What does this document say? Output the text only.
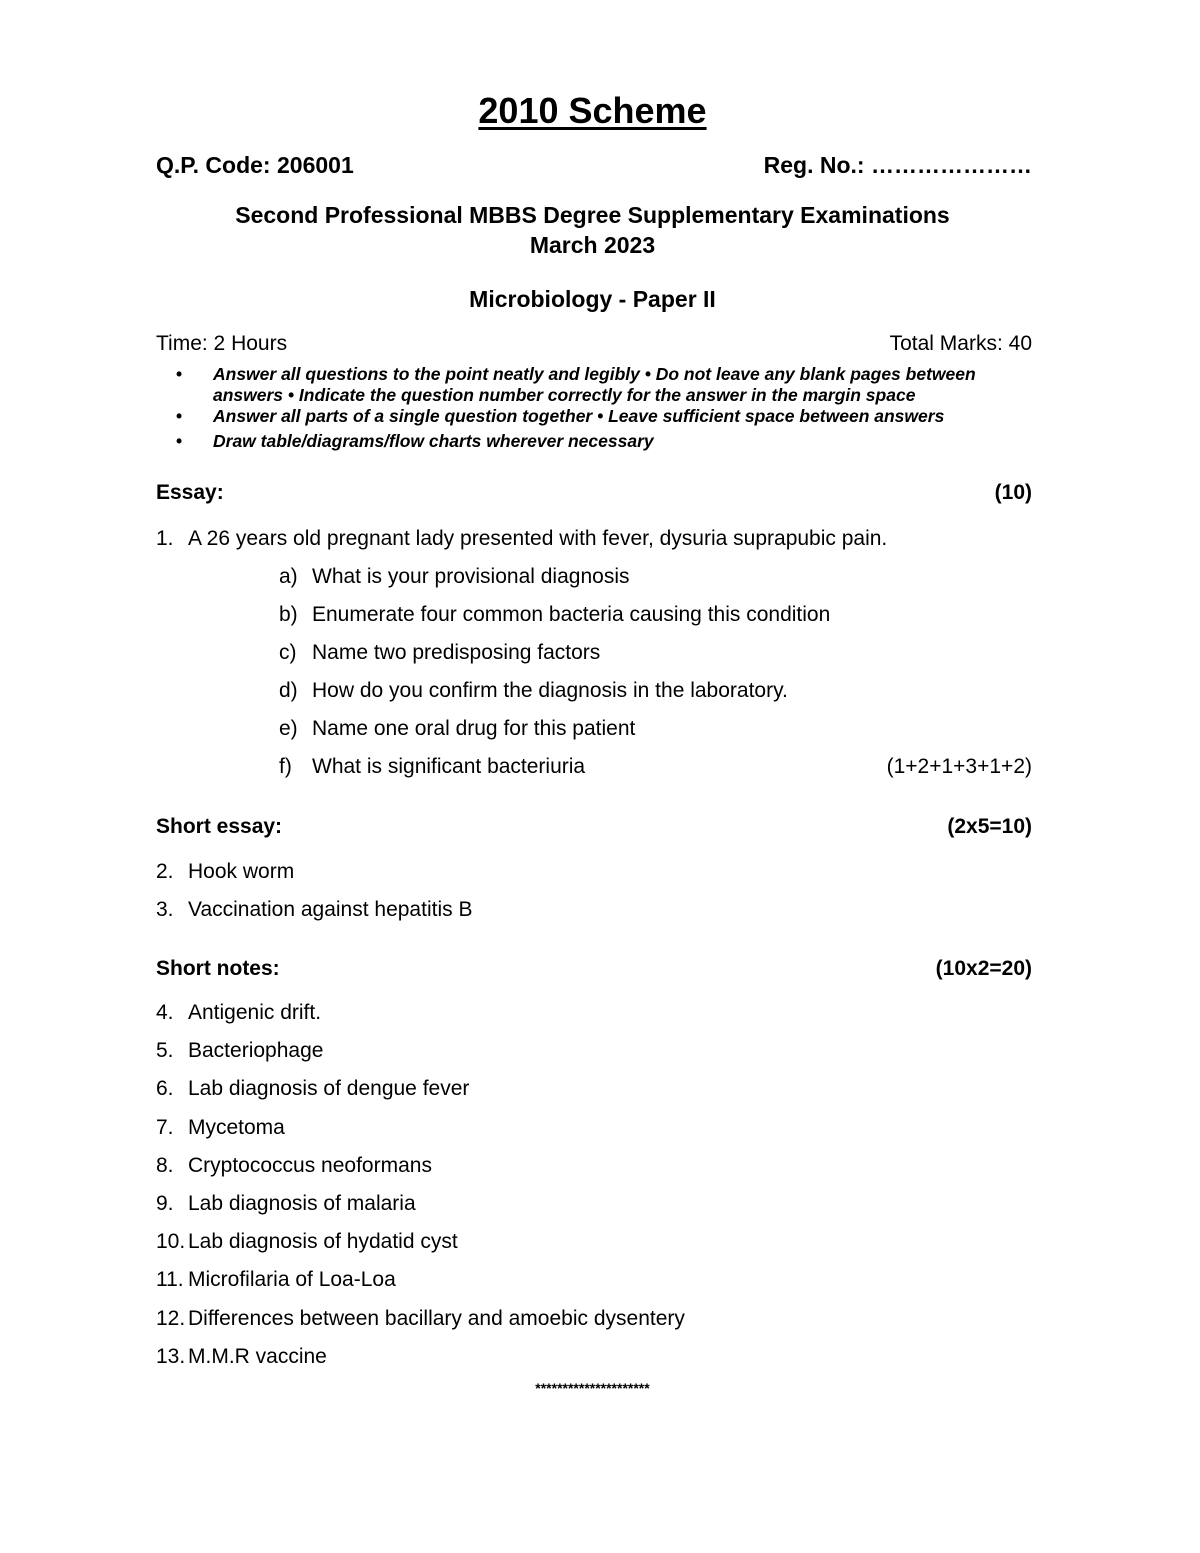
2010 Scheme
Q.P. Code: 206001	Reg. No.: …………………
Second Professional MBBS Degree Supplementary Examinations
March 2023
Microbiology - Paper II
Time: 2 Hours	Total Marks: 40
• Answer all questions to the point neatly and legibly • Do not leave any blank pages between answers • Indicate the question number correctly for the answer in the margin space
• Answer all parts of a single question together • Leave sufficient space between answers
• Draw table/diagrams/flow charts wherever necessary
Essay:	(10)
1. A 26 years old pregnant lady presented with fever, dysuria suprapubic pain.
a) What is your provisional diagnosis
b) Enumerate four common bacteria causing this condition
c) Name two predisposing factors
d) How do you confirm the diagnosis in the laboratory.
e) Name one oral drug for this patient
f) What is significant bacteriuria	(1+2+1+3+1+2)
Short essay:	(2x5=10)
2. Hook worm
3. Vaccination against hepatitis B
Short notes:	(10x2=20)
4. Antigenic drift.
5. Bacteriophage
6. Lab diagnosis of dengue fever
7. Mycetoma
8. Cryptococcus neoformans
9. Lab diagnosis of malaria
10. Lab diagnosis of hydatid cyst
11. Microfilaria of Loa-Loa
12. Differences between bacillary and amoebic dysentery
13. M.M.R vaccine
*********************
